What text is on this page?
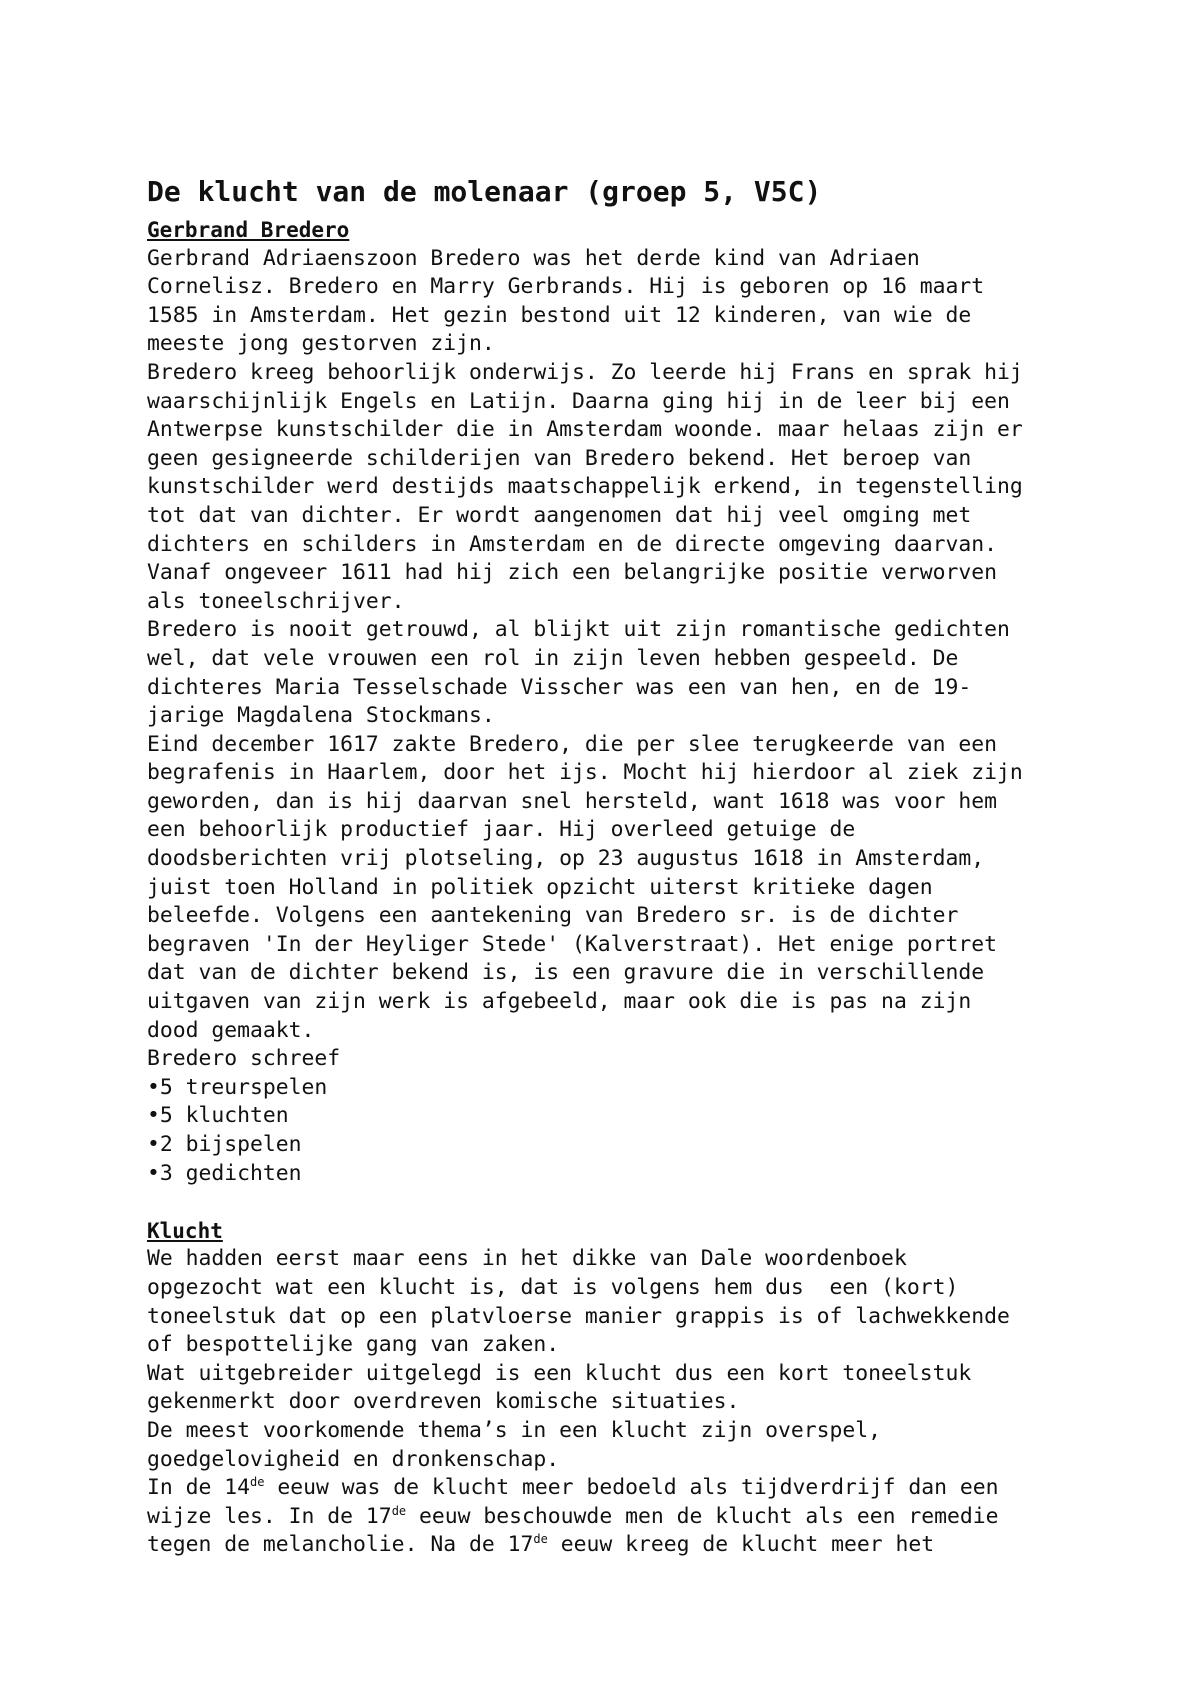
De klucht van de molenaar (groep 5, V5C)
Gerbrand Bredero

Gerbrand Adriaenszoon Bredero was het derde kind van Adriaen
Cornelisz. Bredero en Marry Gerbrands. Hij is geboren op 16 maart
1585 in Amsterdam. Het gezin bestond uit 12 kinderen, van wie de
meeste jong gestorven zijn.

Bredero kreeg behoorlijk onderwijs. Zo leerde hij Frans en sprak hij
waarschijnlijk Engels en Latijn. Daarna ging hij in de leer bij een
Antwerpse kunstschilder die in Amsterdam woonde. maar helaas zijn er
geen gesigneerde schilderijen van Bredero bekend. Het beroep van
kunstschilder werd destijds maatschappelijk erkend, in tegenstelling
tot dat van dichter. Er wordt aangenomen dat hij veel omging met
dichters en schilders in Amsterdam en de directe omgeving daarvan.
Vanaf ongeveer 1611 had hij zich een belangrijke positie verworven
als toneelschrijver.

Bredero is nooit getrouwd, al blijkt uit zijn romantische gedichten
wel, dat vele vrouwen een rol in zijn leven hebben gespeeld. De
dichteres Maria Tesselschade Visscher was een van hen, en de 19-
jarige Magdalena Stockmans.

Eind december 1617 zakte Bredero, die per slee terugkeerde van een
begrafenis in Haarlem, door het ijs. Mocht hij hierdoor al ziek zijn
geworden, dan is hij daarvan snel hersteld, want 1618 was voor hem
een behoorlijk productief jaar. Hij overleed getuige de
doodsberichten vrij plotseling, op 23 augustus 1618 in Amsterdam,
juist toen Holland in politiek opzicht uiterst kritieke dagen
beleefde. Volgens een aantekening van Bredero sr. is de dichter
begraven 'In der Heyliger Stede' (Kalverstraat). Het enige portret
dat van de dichter bekend is, is een gravure die in verschillende
uitgaven van zijn werk is afgebeeld, maar ook die is pas na zijn
dood gemaakt.

Bredero schreef

•5 treurspelen
•5 kluchten
•2 bijspelen
•3 gedichten
Klucht

We hadden eerst maar eens in het dikke van Dale woordenboek
opgezocht wat een klucht is, dat is volgens hem dus  een (kort)
toneelstuk dat op een platvloerse manier grappis is of lachwekkende
of bespottelijke gang van zaken.

Wat uitgebreider uitgelegd is een klucht dus een kort toneelstuk
gekenmerkt door overdreven komische situaties.

De meest voorkomende thema’s in een klucht zijn overspel,
goedgelovigheid en dronkenschap.

In de 14de eeuw was de klucht meer bedoeld als tijdverdrijf dan een
wijze les. In de 17de eeuw beschouwde men de klucht als een remedie
tegen de melancholie. Na de 17de eeuw kreeg de klucht meer het
